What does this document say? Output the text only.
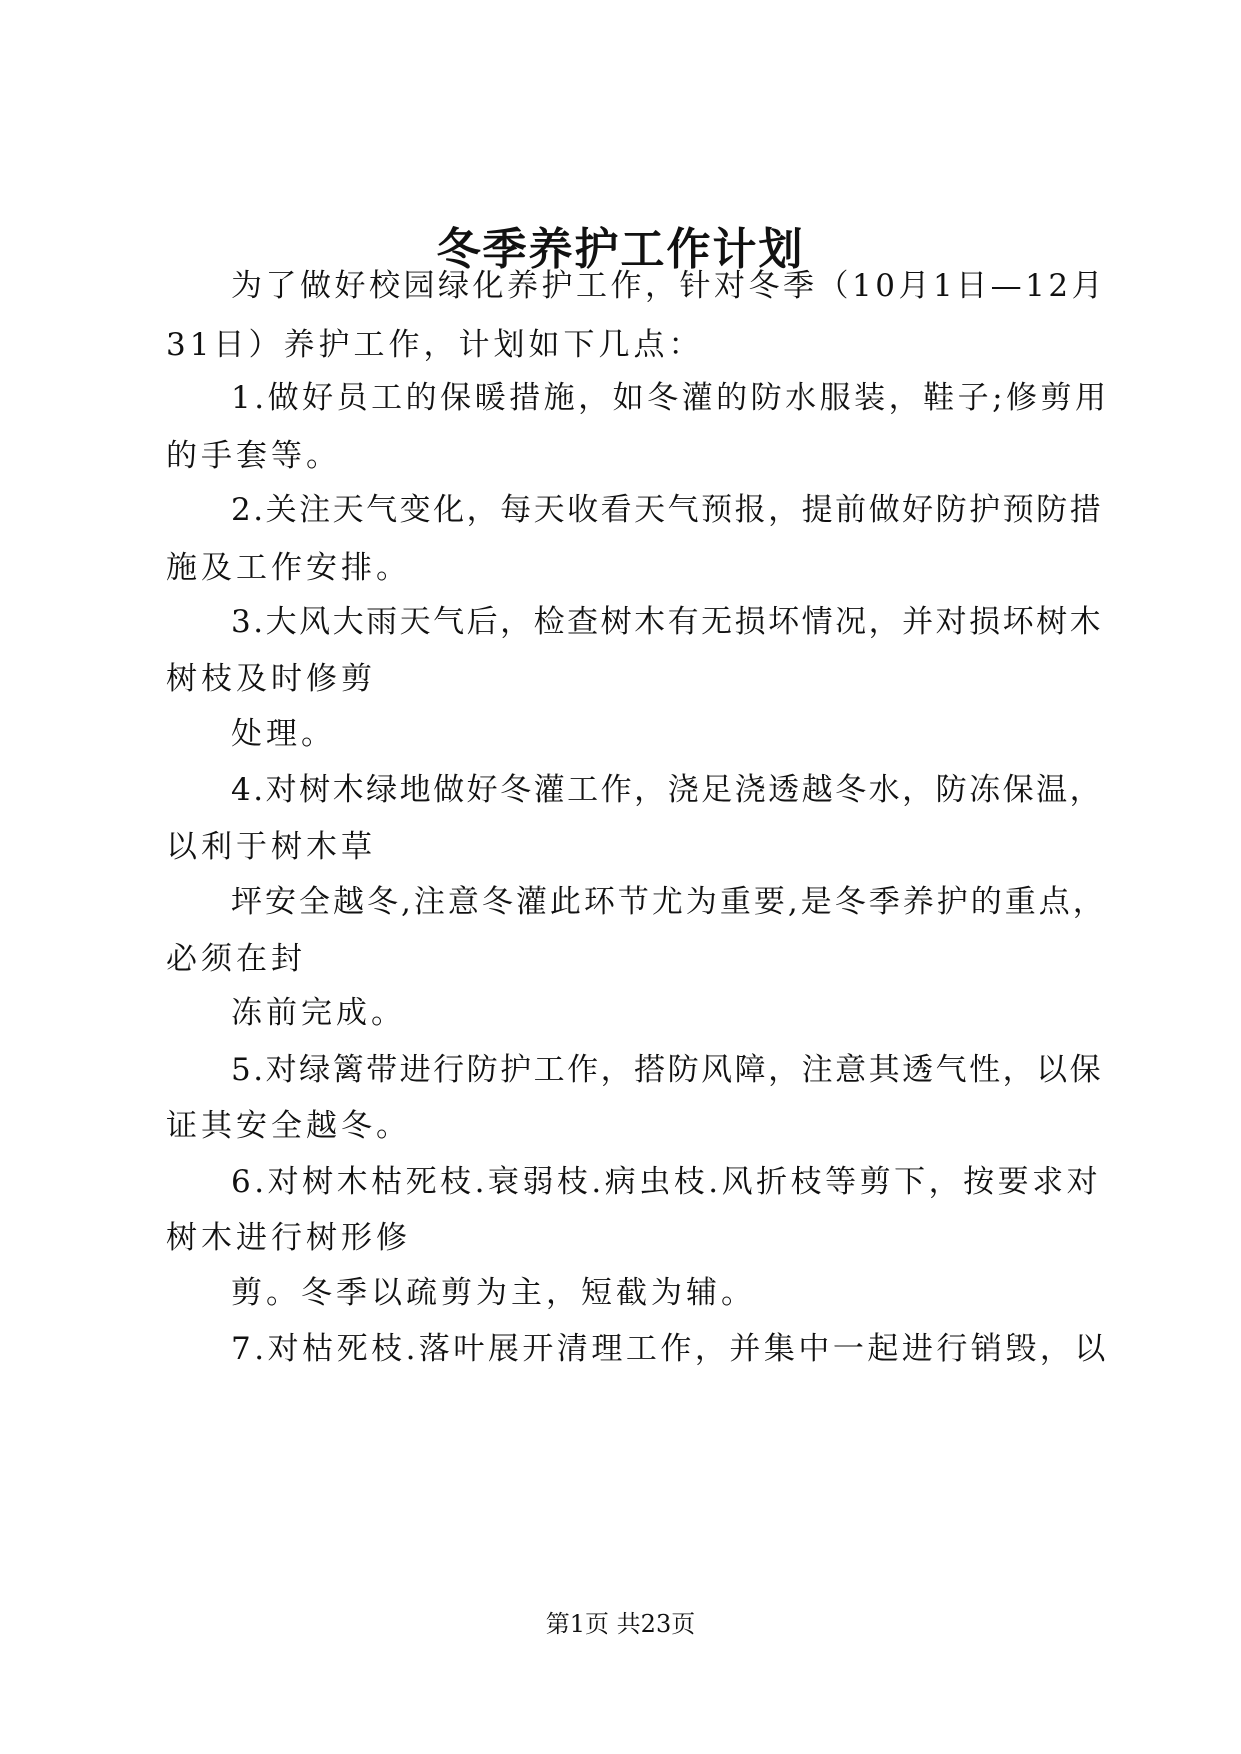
冬季养护工作计划
为了做好校园绿化养护工作，针对冬季（10月1日—12月
31日）养护工作，计划如下几点：
1.做好员工的保暖措施，如冬灌的防水服装，鞋子;修剪用
的手套等。
2.关注天气变化，每天收看天气预报，提前做好防护预防措
施及工作安排。
3.大风大雨天气后，检查树木有无损坏情况，并对损坏树木
树枝及时修剪
处理。
4.对树木绿地做好冬灌工作，浇足浇透越冬水，防冻保温，
以利于树木草
坪安全越冬,注意冬灌此环节尤为重要,是冬季养护的重点，
必须在封
冻前完成。
5.对绿篱带进行防护工作，搭防风障，注意其透气性，以保
证其安全越冬。
6.对树木枯死枝.衰弱枝.病虫枝.风折枝等剪下，按要求对
树木进行树形修
剪。冬季以疏剪为主，短截为辅。
7.对枯死枝.落叶展开清理工作，并集中一起进行销毁，以
第1页 共23页
